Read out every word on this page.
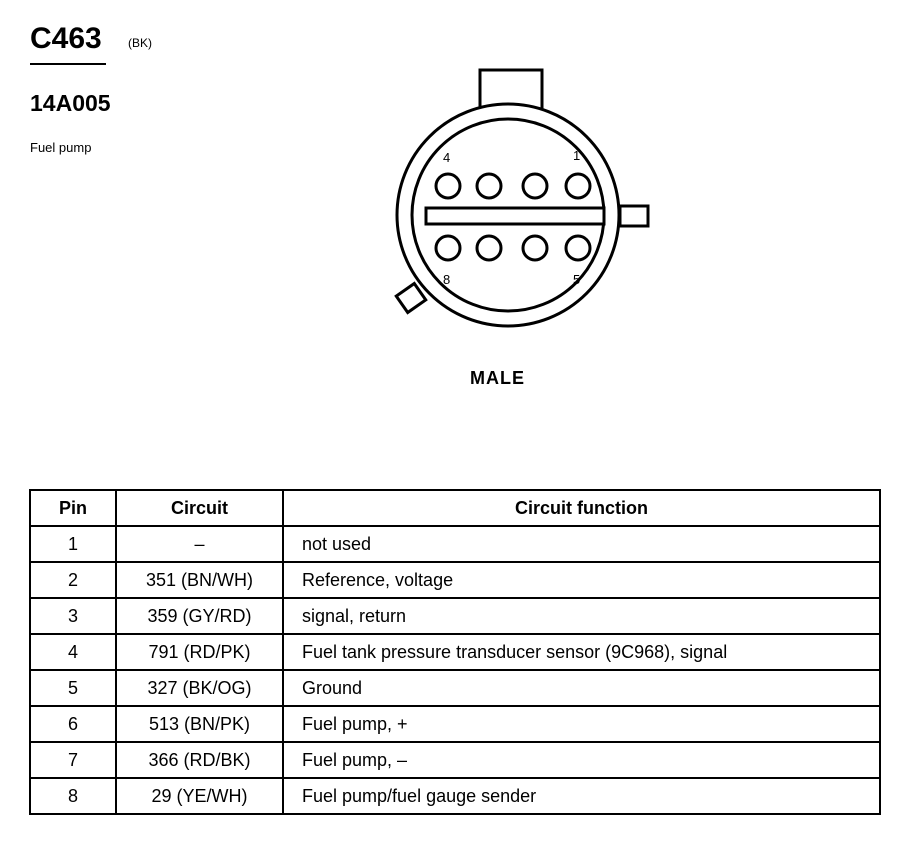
C463 (BK)
14A005
Fuel pump
4	1
8	5
MALE
Pin	Circuit	Circuit function
1	–	not used
2	351 (BN/WH)	Reference, voltage
3	359 (GY/RD)	signal, return
4	791 (RD/PK)	Fuel tank pressure transducer sensor (9C968), signal
5	327 (BK/OG)	Ground
6	513 (BN/PK)	Fuel pump, +
7	366 (RD/BK)	Fuel pump, –
8	29 (YE/WH)	Fuel pump/fuel gauge sender
